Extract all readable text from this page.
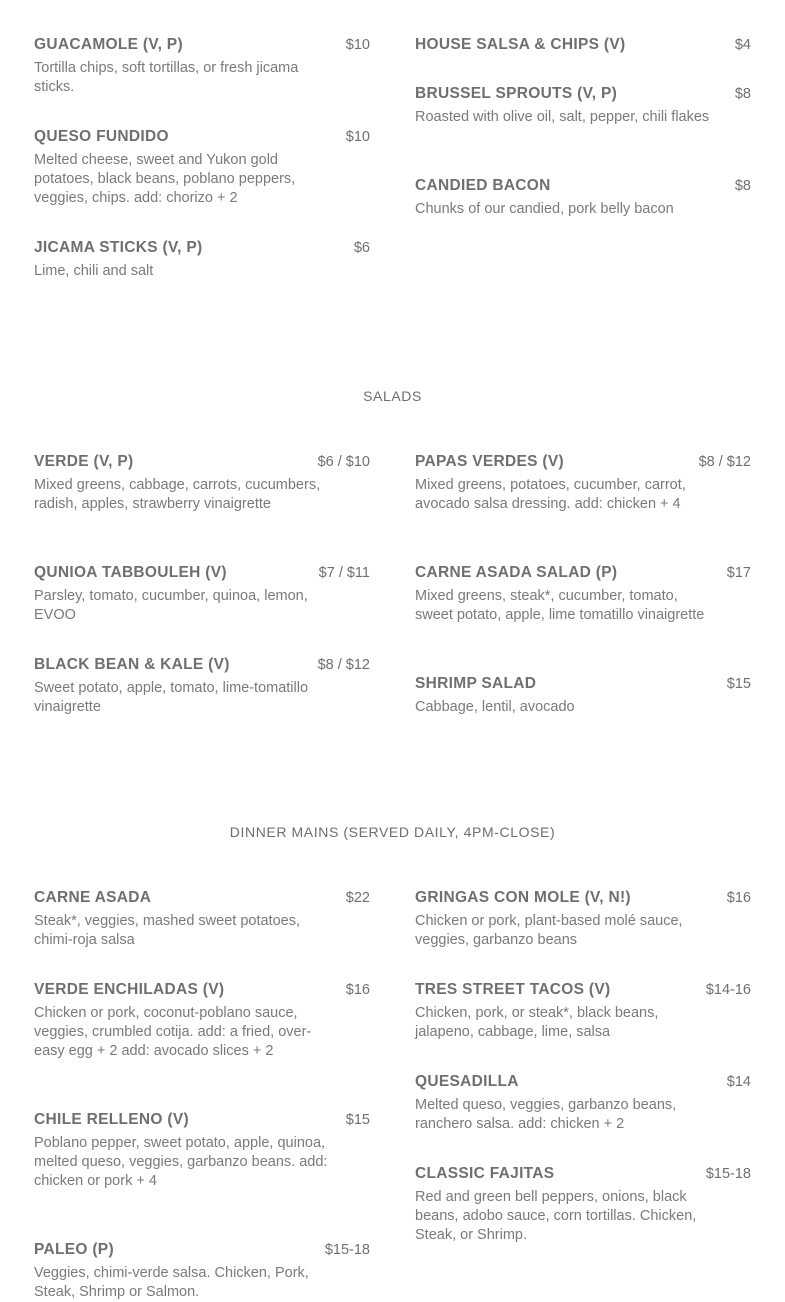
GUACAMOLE (V, P)	$10
Tortilla chips, soft tortillas, or fresh jicama sticks.
QUESO FUNDIDO	$10
Melted cheese, sweet and Yukon gold potatoes, black beans, poblano peppers, veggies, chips. add: chorizo + 2
JICAMA STICKS (V, P)	$6
Lime, chili and salt
HOUSE SALSA & CHIPS (V)	$4
BRUSSEL SPROUTS (V, P)	$8
Roasted with olive oil, salt, pepper, chili flakes
CANDIED BACON	$8
Chunks of our candied, pork belly bacon
SALADS
VERDE (V, P)	$6 / $10
Mixed greens, cabbage, carrots, cucumbers, radish, apples, strawberry vinaigrette
QUNIOA TABBOULEH (V)	$7 / $11
Parsley, tomato, cucumber, quinoa, lemon, EVOO
BLACK BEAN & KALE (V)	$8 / $12
Sweet potato, apple, tomato, lime-tomatillo vinaigrette
PAPAS VERDES (V)	$8 / $12
Mixed greens, potatoes, cucumber, carrot, avocado salsa dressing. add: chicken + 4
CARNE ASADA SALAD (P)	$17
Mixed greens, steak*, cucumber, tomato, sweet potato, apple, lime tomatillo vinaigrette
SHRIMP SALAD	$15
Cabbage, lentil, avocado
DINNER MAINS (SERVED DAILY, 4PM-CLOSE)
CARNE ASADA	$22
Steak*, veggies, mashed sweet potatoes, chimi-roja salsa
VERDE ENCHILADAS (V)	$16
Chicken or pork, coconut-poblano sauce, veggies, crumbled cotija. add: a fried, over-easy egg + 2 add: avocado slices + 2
CHILE RELLENO (V)	$15
Poblano pepper, sweet potato, apple, quinoa, melted queso, veggies, garbanzo beans. add: chicken or pork + 4
PALEO (P)	$15-18
Veggies, chimi-verde salsa. Chicken, Pork, Steak, Shrimp or Salmon.
GRINGAS CON MOLE (V, N!)	$16
Chicken or pork, plant-based molé sauce, veggies, garbanzo beans
TRES STREET TACOS (V)	$14-16
Chicken, pork, or steak*, black beans, jalapeno, cabbage, lime, salsa
QUESADILLA	$14
Melted queso, veggies, garbanzo beans, ranchero salsa. add: chicken + 2
CLASSIC FAJITAS	$15-18
Red and green bell peppers, onions, black beans, adobo sauce, corn tortillas. Chicken, Steak, or Shrimp.
